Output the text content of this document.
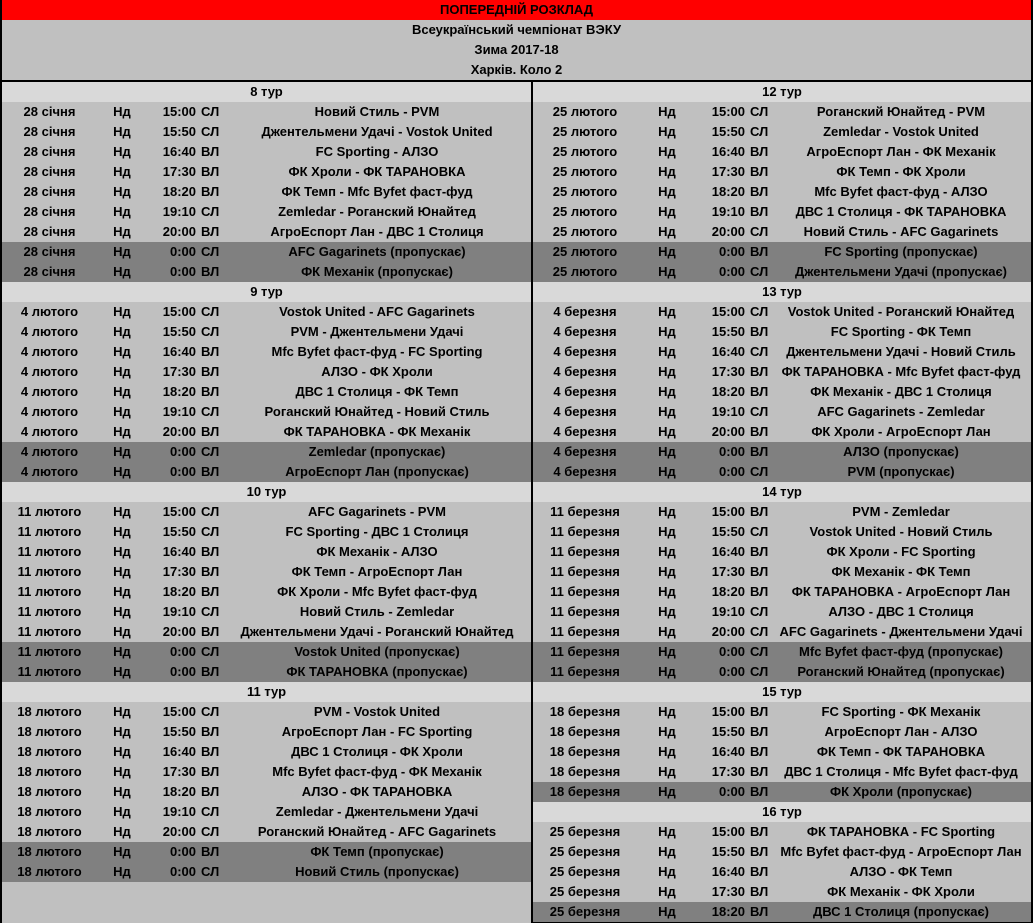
ПОПЕРЕДНІЙ РОЗКЛАД
Всеукраїнський чемпіонат ВЭКУ
Зима 2017-18
Харків. Коло 2
8 тур
28 січня	Нд	15:00 СЛ	Новий Стиль - PVM
28 січня	Нд	15:50 СЛ	Джентельмени Удачі - Vostok United
28 січня	Нд	16:40 ВЛ	FC Sporting - АЛЗО
28 січня	Нд	17:30 ВЛ	ФК Хроли - ФК ТАРАНОВКА
28 січня	Нд	18:20 ВЛ	ФК Темп - Mfc Byfet фаст-фуд
28 січня	Нд	19:10 СЛ	Zemledar - Роганский Юнайтед
28 січня	Нд	20:00 ВЛ	АгроЕспорт Лан - ДВС 1 Столиця
28 січня	Нд	0:00 СЛ	AFC Gagarinets (пропускає)
28 січня	Нд	0:00 ВЛ	ФК Механік (пропускає)
9 тур
4 лютого	Нд	15:00 СЛ	Vostok United - AFC Gagarinets
4 лютого	Нд	15:50 СЛ	PVM - Джентельмени Удачі
4 лютого	Нд	16:40 ВЛ	Mfc Byfet фаст-фуд - FC Sporting
4 лютого	Нд	17:30 ВЛ	АЛЗО - ФК Хроли
4 лютого	Нд	18:20 ВЛ	ДВС 1 Столиця - ФК Темп
4 лютого	Нд	19:10 СЛ	Роганский Юнайтед - Новий Стиль
4 лютого	Нд	20:00 ВЛ	ФК ТАРАНОВКА - ФК Механік
4 лютого	Нд	0:00 СЛ	Zemledar (пропускає)
4 лютого	Нд	0:00 ВЛ	АгроЕспорт Лан (пропускає)
10 тур
11 лютого	Нд	15:00 СЛ	AFC Gagarinets - PVM
11 лютого	Нд	15:50 СЛ	FC Sporting - ДВС 1 Столиця
11 лютого	Нд	16:40 ВЛ	ФК Механік - АЛЗО
11 лютого	Нд	17:30 ВЛ	ФК Темп - АгроЕспорт Лан
11 лютого	Нд	18:20 ВЛ	ФК Хроли - Mfc Byfet фаст-фуд
11 лютого	Нд	19:10 СЛ	Новий Стиль - Zemledar
11 лютого	Нд	20:00 ВЛ	Джентельмени Удачі - Роганский Юнайтед
11 лютого	Нд	0:00 СЛ	Vostok United (пропускає)
11 лютого	Нд	0:00 ВЛ	ФК ТАРАНОВКА (пропускає)
11 тур
18 лютого	Нд	15:00 СЛ	PVM - Vostok United
18 лютого	Нд	15:50 ВЛ	АгроЕспорт Лан - FC Sporting
18 лютого	Нд	16:40 ВЛ	ДВС 1 Столиця - ФК Хроли
18 лютого	Нд	17:30 ВЛ	Mfc Byfet фаст-фуд - ФК Механік
18 лютого	Нд	18:20 ВЛ	АЛЗО - ФК ТАРАНОВКА
18 лютого	Нд	19:10 СЛ	Zemledar - Джентельмени Удачі
18 лютого	Нд	20:00 СЛ	Роганский Юнайтед - AFC Gagarinets
18 лютого	Нд	0:00 ВЛ	ФК Темп (пропускає)
18 лютого	Нд	0:00 СЛ	Новий Стиль (пропускає)
12 тур
25 лютого	Нд	15:00 СЛ	Роганский Юнайтед - PVM
25 лютого	Нд	15:50 СЛ	Zemledar - Vostok United
25 лютого	Нд	16:40 ВЛ	АгроЕспорт Лан - ФК Механік
25 лютого	Нд	17:30 ВЛ	ФК Темп - ФК Хроли
25 лютого	Нд	18:20 ВЛ	Mfc Byfet фаст-фуд - АЛЗО
25 лютого	Нд	19:10 ВЛ	ДВС 1 Столиця - ФК ТАРАНОВКА
25 лютого	Нд	20:00 СЛ	Новий Стиль - AFC Gagarinets
25 лютого	Нд	0:00 ВЛ	FC Sporting (пропускає)
25 лютого	Нд	0:00 СЛ	Джентельмени Удачі (пропускає)
13 тур
4 березня	Нд	15:00 СЛ	Vostok United - Роганский Юнайтед
4 березня	Нд	15:50 ВЛ	FC Sporting - ФК Темп
4 березня	Нд	16:40 СЛ	Джентельмени Удачі - Новий Стиль
4 березня	Нд	17:30 ВЛ	ФК ТАРАНОВКА - Mfc Byfet фаст-фуд
4 березня	Нд	18:20 ВЛ	ФК Механік - ДВС 1 Столиця
4 березня	Нд	19:10 СЛ	AFC Gagarinets - Zemledar
4 березня	Нд	20:00 ВЛ	ФК Хроли - АгроЕспорт Лан
4 березня	Нд	0:00 ВЛ	АЛЗО (пропускає)
4 березня	Нд	0:00 СЛ	PVM (пропускає)
14 тур
11 березня	Нд	15:00 ВЛ	PVM - Zemledar
11 березня	Нд	15:50 СЛ	Vostok United - Новий Стиль
11 березня	Нд	16:40 ВЛ	ФК Хроли - FC Sporting
11 березня	Нд	17:30 ВЛ	ФК Механік - ФК Темп
11 березня	Нд	18:20 ВЛ	ФК ТАРАНОВКА - АгроЕспорт Лан
11 березня	Нд	19:10 СЛ	АЛЗО - ДВС 1 Столиця
11 березня	Нд	20:00 СЛ AFC Gagarinets - Джентельмени Удачі
11 березня	Нд	0:00 СЛ	Mfc Byfet фаст-фуд (пропускає)
11 березня	Нд	0:00 СЛ	Роганский Юнайтед (пропускає)
15 тур
18 березня	Нд	15:00 ВЛ	FC Sporting - ФК Механік
18 березня	Нд	15:50 ВЛ	АгроЕспорт Лан - АЛЗО
18 березня	Нд	16:40 ВЛ	ФК Темп - ФК ТАРАНОВКА
18 березня	Нд	17:30 ВЛ	ДВС 1 Столиця - Mfc Byfet фаст-фуд
18 березня	Нд	0:00 ВЛ	ФК Хроли (пропускає)
16 тур
25 березня	Нд	15:00 ВЛ	ФК ТАРАНОВКА - FC Sporting
25 березня	Нд	15:50 ВЛ Mfc Byfet фаст-фуд - АгроЕспорт Лан
25 березня	Нд	16:40 ВЛ	АЛЗО - ФК Темп
25 березня	Нд	17:30 ВЛ	ФК Механік - ФК Хроли
25 березня	Нд	18:20 ВЛ	ДВС 1 Столиця (пропускає)
